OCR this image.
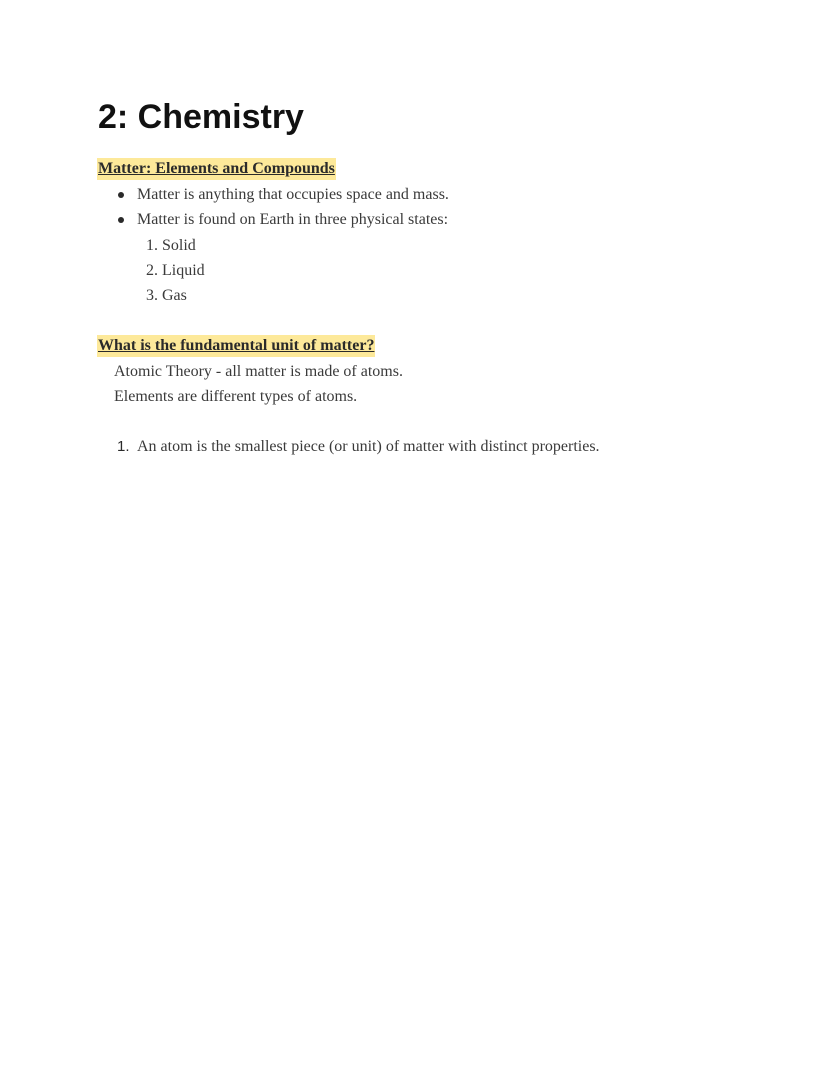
2: Chemistry
Matter: Elements and Compounds
Matter is anything that occupies space and mass.
Matter is found on Earth in three physical states:
1. Solid
2. Liquid
3. Gas
What is the fundamental unit of matter?
Atomic Theory - all matter is made of atoms.
Elements are different types of atoms.
1. An atom is the smallest piece (or unit) of matter with distinct properties.
